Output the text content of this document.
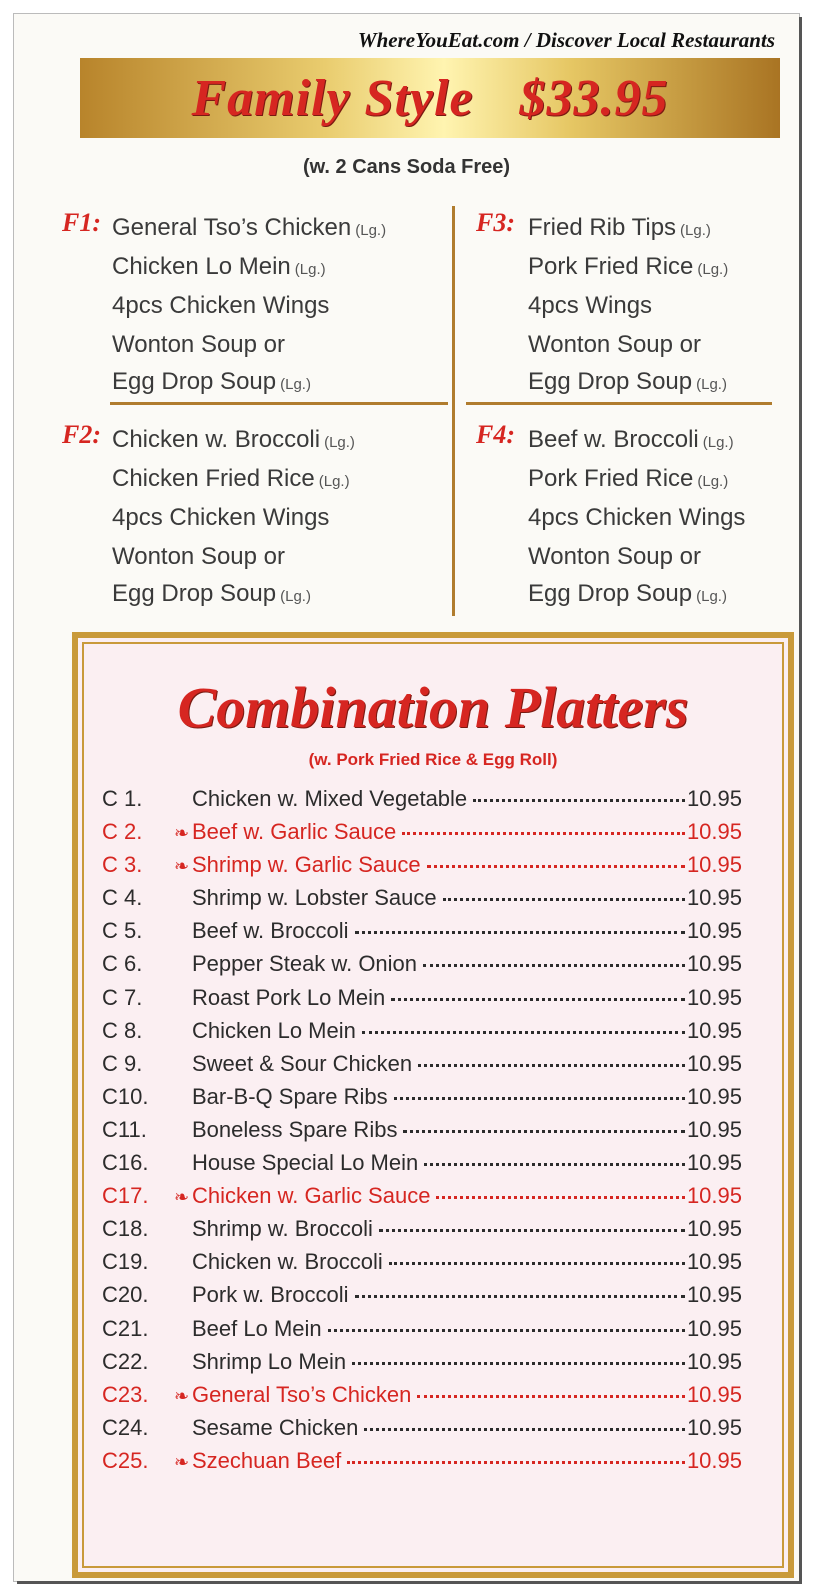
WhereYouEat.com / Discover Local Restaurants
Family Style $33.95
(w. 2 Cans Soda Free)
F1: General Tso’s Chicken (Lg.)
Chicken Lo Mein (Lg.)
4pcs Chicken Wings
Wonton Soup or
Egg Drop Soup (Lg.)
F3: Fried Rib Tips (Lg.)
Pork Fried Rice (Lg.)
4pcs Wings
Wonton Soup or
Egg Drop Soup (Lg.)
F2: Chicken w. Broccoli (Lg.)
Chicken Fried Rice (Lg.)
4pcs Chicken Wings
Wonton Soup or
Egg Drop Soup (Lg.)
F4: Beef w. Broccoli (Lg.)
Pork Fried Rice (Lg.)
4pcs Chicken Wings
Wonton Soup or
Egg Drop Soup (Lg.)
Combination Platters
(w. Pork Fried Rice & Egg Roll)
C 1.	Chicken w. Mixed Vegetable	10.95
C 2.	❧ Beef w. Garlic Sauce	10.95
C 3.	❧ Shrimp w. Garlic Sauce	10.95
C 4.	Shrimp w. Lobster Sauce	10.95
C 5.	Beef w. Broccoli	10.95
C 6.	Pepper Steak w. Onion	10.95
C 7.	Roast Pork Lo Mein	10.95
C 8.	Chicken Lo Mein	10.95
C 9.	Sweet & Sour Chicken	10.95
C10.	Bar-B-Q Spare Ribs	10.95
C11.	Boneless Spare Ribs	10.95
C16.	House Special Lo Mein	10.95
C17.	❧ Chicken w. Garlic Sauce	10.95
C18.	Shrimp w. Broccoli	10.95
C19.	Chicken w. Broccoli	10.95
C20.	Pork w. Broccoli	10.95
C21.	Beef Lo Mein	10.95
C22.	Shrimp Lo Mein	10.95
C23.	❧ General Tso’s Chicken	10.95
C24.	Sesame Chicken	10.95
C25.	❧ Szechuan Beef	10.95
